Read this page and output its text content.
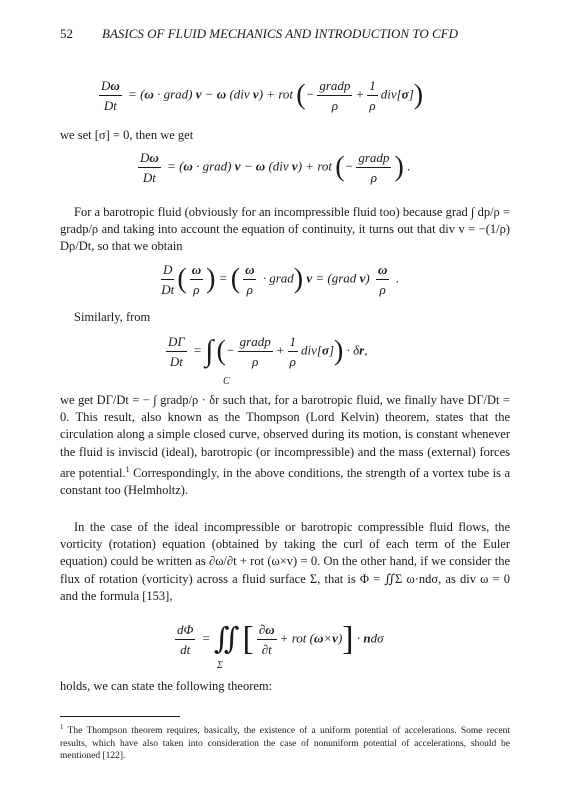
52 BASICS OF FLUID MECHANICS AND INTRODUCTION TO CFD
$\frac{D\omega}{Dt} = (\omega$ · grad) v − ω (div v) + rot (−
gradp
ρ
+ $\frac{1}{\rho} div[\sigma]$)

we set [σ] = 0, then we get

$\frac{D\omega}{Dt} = (\omega$ · grad) v − ω (div v) + rot (−
gradp
ρ ) .

For a barotropic fluid (obviously for an incompressible fluid too) because grad ∫ dp/ρ = gradp/ρ and taking into account the equation of continuity, it turns out that div v = −(1/ρ) Dρ/Dt, so that we obtain

$\frac{D}{Dt}$ ( $\frac{\omega}{\rho}$ ) = ( $\frac{\omega}{\rho}$ · grad) v = (grad $v) \frac{\omega}{\rho}$ .

Similarly, from

$\frac{D\Gamma}{Dt}$ = ∫ (−
gradp
ρ
+ $\frac{1}{\rho} div[\sigma]) \cdot \delta r$,
C

we get DΓ/Dt = − ∫ gradp/ρ · δr such that, for a barotropic fluid, we finally have DΓ/Dt = 0. This result, also known as the Thompson (Lord Kelvin) theorem, states that the circulation along a simple closed curve, observed during its motion, is constant whenever the fluid is inviscid (ideal), barotropic (or incompressible) and the mass (external) forces are potential.$^1$ Correspondingly, in the above conditions, the strength of a vortex tube is a constant too (Helmholtz).

In the case of the ideal incompressible or barotropic compressible fluid flows, the vorticity (rotation) equation (obtained by taking the curl of each term of the Euler equation) could be written as ∂ω/∂t + rot (ω×v) = 0. On the other hand, if we consider the flux of rotation (vorticity) across a fluid surface Σ, that is Φ = ∬Σ ω·ndσ, as div ω = 0 and the formula [153],

$\frac{d\Phi}{dt}$ = ∬ [ $\frac{\partial\omega}{\partial t}$ + rot (ω×v)] · ndσ
Σ

holds, we can state the following theorem:

$^1$ The Thompson theorem requires, basically, the existence of a uniform potential of accelerations. Some recent results, which have also taken into consideration the case of nonuniform potential of accelerations, should be mentioned [122].
